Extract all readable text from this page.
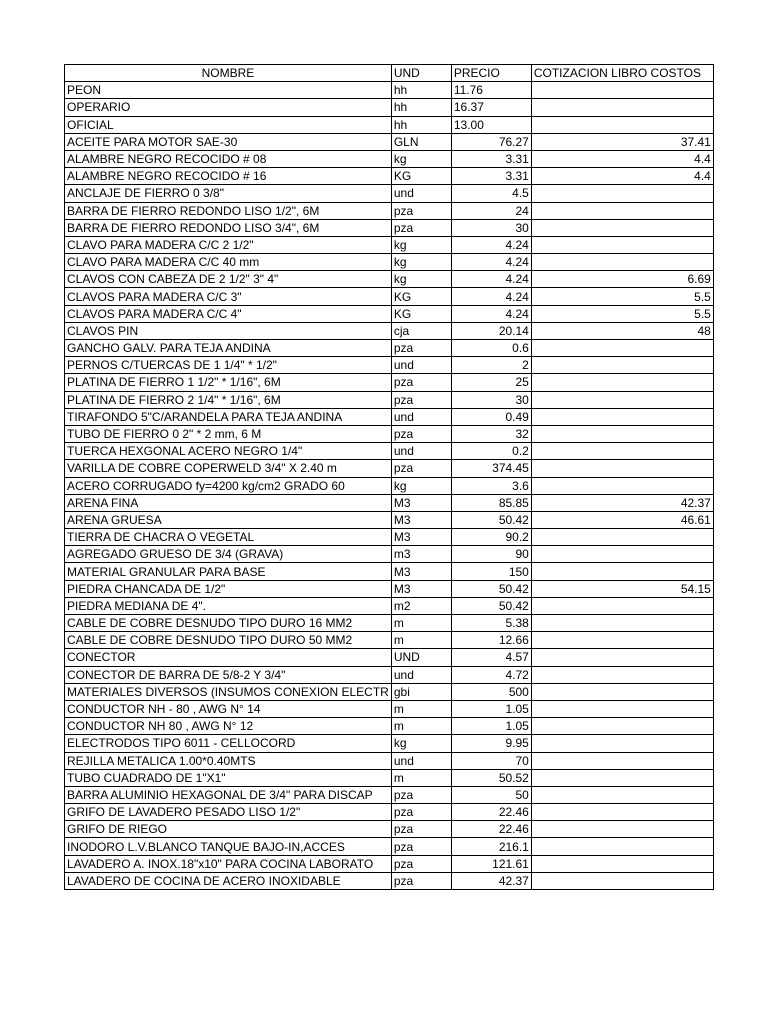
NOMBRE	UND	PRECIO	COTIZACION LIBRO COSTOS
PEON	hh	11.76	
OPERARIO	hh	16.37	
OFICIAL	hh	13.00	
ACEITE PARA MOTOR SAE-30	GLN	76.27	37.41
ALAMBRE NEGRO RECOCIDO # 08	kg	3.31	4.4
ALAMBRE NEGRO RECOCIDO # 16	KG	3.31	4.4
ANCLAJE DE FIERRO 0 3/8"	und	4.5	
BARRA DE FIERRO REDONDO LISO 1/2", 6M	pza	24	
BARRA DE FIERRO REDONDO LISO 3/4", 6M	pza	30	
CLAVO PARA MADERA C/C 2 1/2"	kg	4.24	
CLAVO PARA MADERA C/C 40 mm	kg	4.24	
CLAVOS CON CABEZA DE 2 1/2" 3" 4"	kg	4.24	6.69
CLAVOS PARA MADERA C/C 3"	KG	4.24	5.5
CLAVOS PARA MADERA C/C 4"	KG	4.24	5.5
CLAVOS PIN	cja	20.14	48
GANCHO GALV. PARA TEJA ANDINA	pza	0.6	
PERNOS C/TUERCAS DE 1 1/4" * 1/2"	und	2	
PLATINA DE FIERRO 1 1/2" * 1/16", 6M	pza	25	
PLATINA DE FIERRO 2 1/4" * 1/16", 6M	pza	30	
TIRAFONDO 5"C/ARANDELA PARA TEJA ANDINA	und	0.49	
TUBO DE FIERRO 0 2" * 2 mm, 6 M	pza	32	
TUERCA HEXGONAL ACERO NEGRO 1/4"	und	0.2	
VARILLA DE COBRE COPERWELD 3/4" X 2.40 m	pza	374.45	
ACERO CORRUGADO fy=4200 kg/cm2 GRADO 60	kg	3.6	
ARENA FINA	M3	85.85	42.37
ARENA GRUESA	M3	50.42	46.61
TIERRA DE CHACRA O VEGETAL	M3	90.2	
AGREGADO GRUESO DE 3/4 (GRAVA)	m3	90	
MATERIAL GRANULAR PARA BASE	M3	150	
PIEDRA CHANCADA DE 1/2"	M3	50.42	54.15
PIEDRA MEDIANA DE 4".	m2	50.42	
CABLE DE COBRE DESNUDO TIPO DURO 16 MM2	m	5.38	
CABLE DE COBRE DESNUDO TIPO DURO 50 MM2	m	12.66	
CONECTOR	UND	4.57	
CONECTOR DE BARRA DE 5/8-2 Y 3/4"	und	4.72	
MATERIALES DIVERSOS (INSUMOS CONEXION ELECTR	gbi	500	
CONDUCTOR NH - 80 , AWG N° 14	m	1.05	
CONDUCTOR NH 80 , AWG N° 12	m	1.05	
ELECTRODOS TIPO 6011 - CELLOCORD	kg	9.95	
REJILLA METALICA 1.00*0.40MTS	und	70	
TUBO CUADRADO DE 1"X1"	m	50.52	
BARRA ALUMINIO HEXAGONAL DE 3/4" PARA DISCAP	pza	50	
GRIFO DE LAVADERO PESADO LISO 1/2"	pza	22.46	
GRIFO DE RIEGO	pza	22.46	
INODORO L.V.BLANCO TANQUE BAJO-IN,ACCES	pza	216.1	
LAVADERO A. INOX.18"x10" PARA COCINA LABORATO	pza	121.61	
LAVADERO DE COCINA DE ACERO INOXIDABLE	pza	42.37	
